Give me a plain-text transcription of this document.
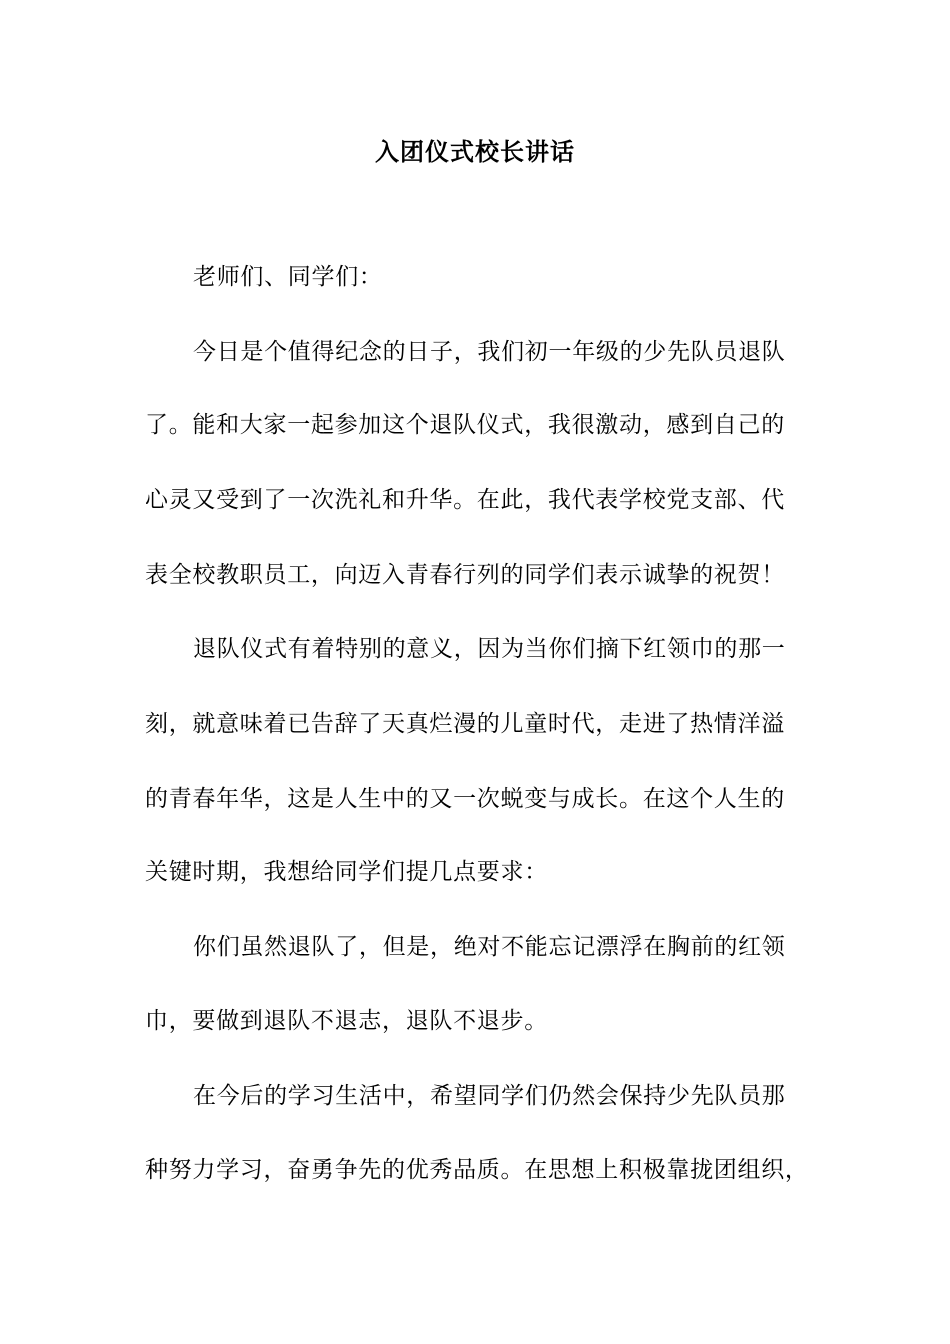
入团仪式校长讲话
老师们、同学们：
今日是个值得纪念的日子，我们初一年级的少先队员退队
了。能和大家一起参加这个退队仪式，我很激动，感到自己的
心灵又受到了一次洗礼和升华。在此，我代表学校党支部、代
表全校教职员工，向迈入青春行列的同学们表示诚挚的祝贺！
退队仪式有着特别的意义，因为当你们摘下红领巾的那一
刻，就意味着已告辞了天真烂漫的儿童时代，走进了热情洋溢
的青春年华，这是人生中的又一次蜕变与成长。在这个人生的
关键时期，我想给同学们提几点要求：
你们虽然退队了，但是，绝对不能忘记漂浮在胸前的红领
巾，要做到退队不退志，退队不退步。
在今后的学习生活中，希望同学们仍然会保持少先队员那
种努力学习，奋勇争先的优秀品质。在思想上积极靠拢团组织，
